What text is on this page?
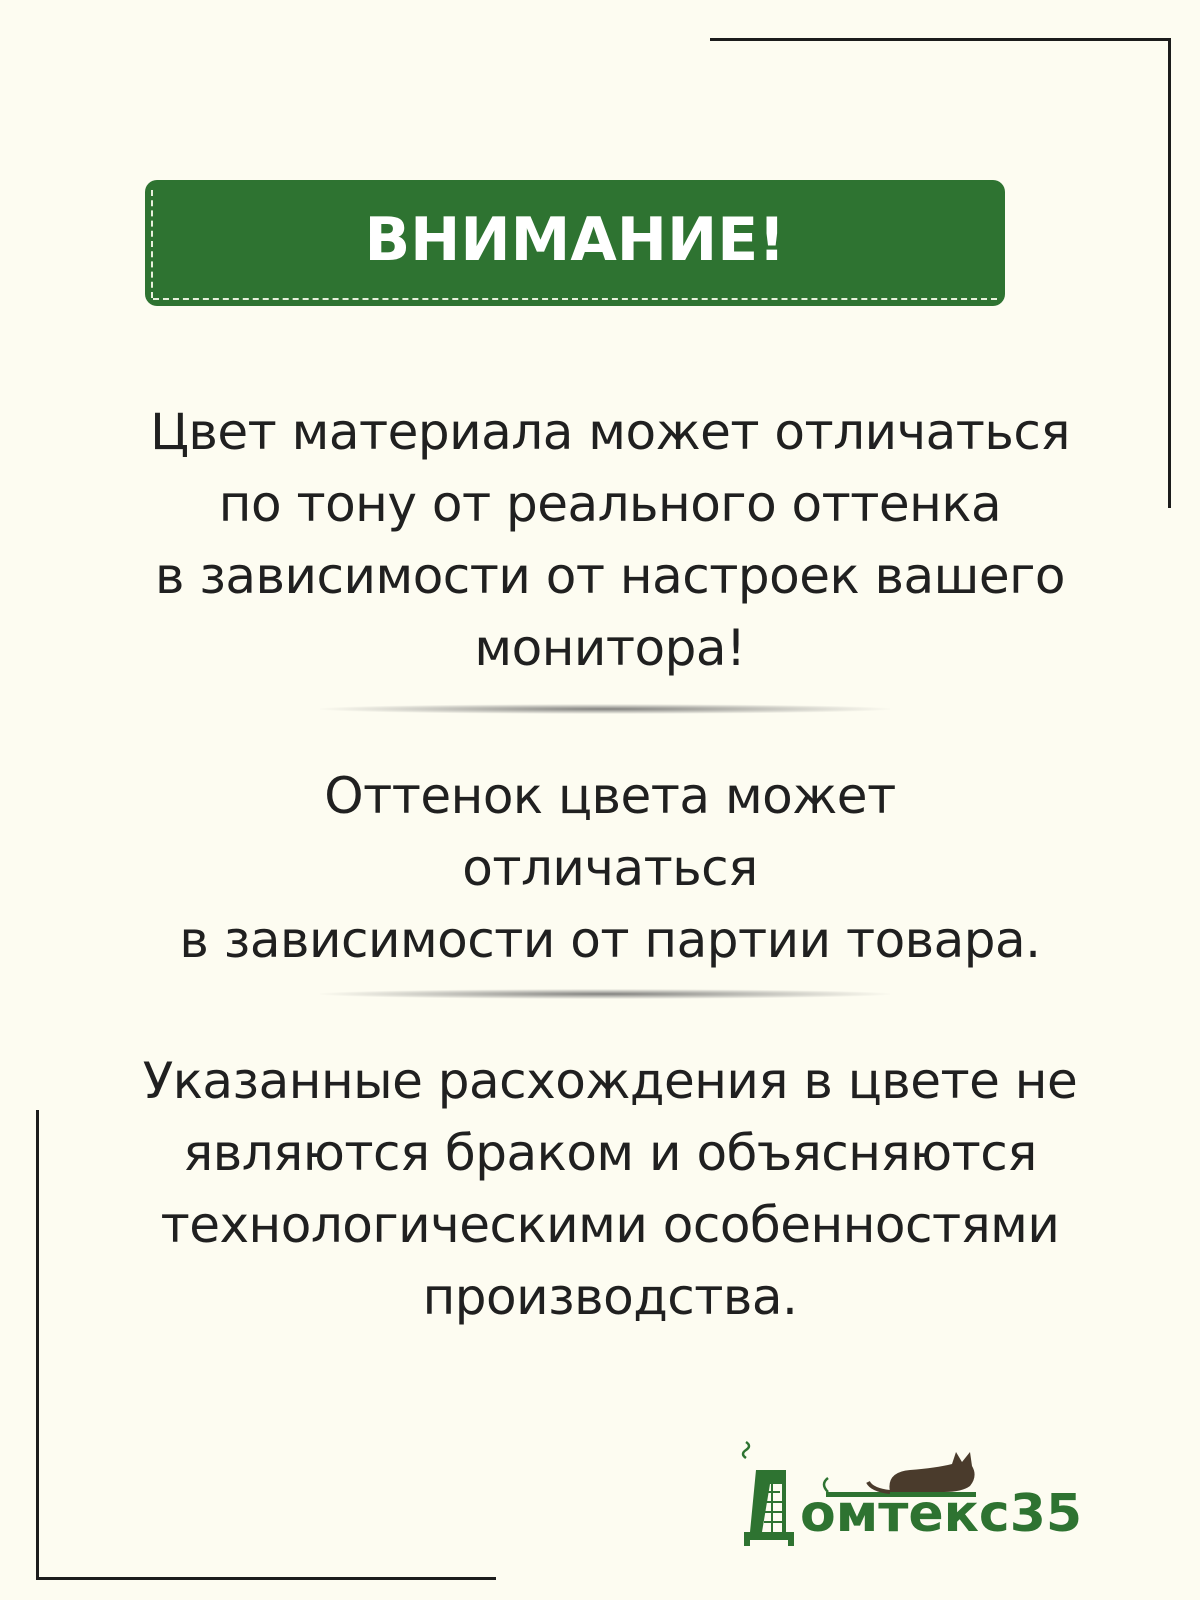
ВНИМАНИЕ!
Цвет материала может отличаться
по тону от реального оттенка
в зависимости от настроек вашего
монитора!
Оттенок цвета может
отличаться
в зависимости от партии товара.
Указанные расхождения в цвете не
являются браком и объясняются
технологическими особенностями
производства.
омтекс35
